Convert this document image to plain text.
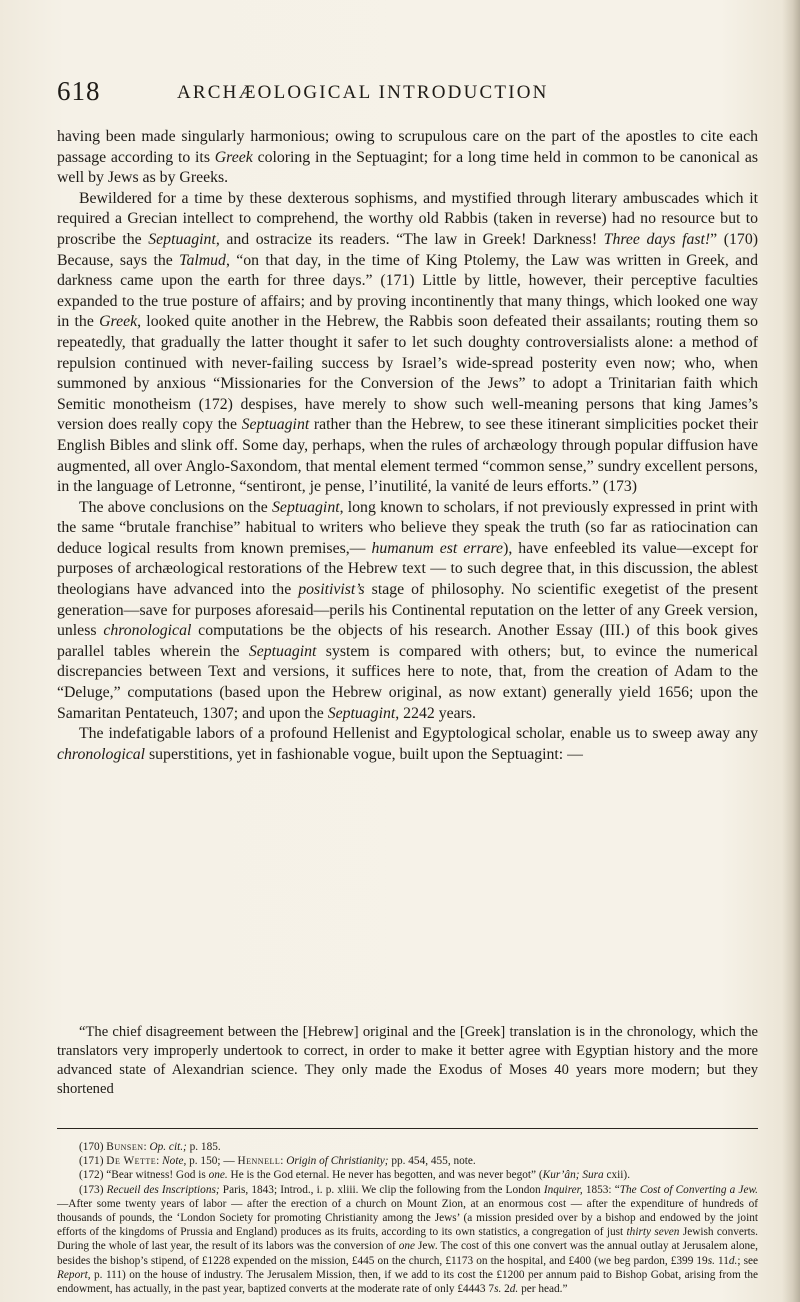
618	ARCHÆOLOGICAL INTRODUCTION

having been made singularly harmonious; owing to scrupulous care on the part of the apostles to cite each passage according to its Greek coloring in the Septuagint; for a long time held in common to be canonical as well by Jews as by Greeks.

Bewildered for a time by these dexterous sophisms, and mystified through literary ambuscades which it required a Grecian intellect to comprehend, the worthy old Rabbis (taken in reverse) had no resource but to proscribe the Septuagint, and ostracize its readers. “The law in Greek! Darkness! Three days fast!” (170) Because, says the Talmud, “on that day, in the time of King Ptolemy, the Law was written in Greek, and darkness came upon the earth for three days.” (171) Little by little, however, their perceptive faculties expanded to the true posture of affairs; and by proving incontinently that many things, which looked one way in the Greek, looked quite another in the Hebrew, the Rabbis soon defeated their assailants; routing them so repeatedly, that gradually the latter thought it safer to let such doughty controversialists alone: a method of repulsion continued with never-failing success by Israel’s wide-spread posterity even now; who, when summoned by anxious “Missionaries for the Conversion of the Jews” to adopt a Trinitarian faith which Semitic monotheism (172) despises, have merely to show such well-meaning persons that king James’s version does really copy the Septuagint rather than the Hebrew, to see these itinerant simplicities pocket their English Bibles and slink off. Some day, perhaps, when the rules of archæology through popular diffusion have augmented, all over Anglo-Saxondom, that mental element termed “common sense,” sundry excellent persons, in the language of Letronne, “sentiront, je pense, l’inutilité, la vanité de leurs efforts.” (173)

The above conclusions on the Septuagint, long known to scholars, if not previously expressed in print with the same “brutale franchise” habitual to writers who believe they speak the truth (so far as ratiocination can deduce logical results from known premises,— humanum est errare), have enfeebled its value—except for purposes of archæological restorations of the Hebrew text — to such degree that, in this discussion, the ablest theologians have advanced into the positivist’s stage of philosophy. No scientific exegetist of the present generation—save for purposes aforesaid—perils his Continental reputation on the letter of any Greek version, unless chronological computations be the objects of his research. Another Essay (III.) of this book gives parallel tables wherein the Septuagint system is compared with others; but, to evince the numerical discrepancies between Text and versions, it suffices here to note, that, from the creation of Adam to the “Deluge,” computations (based upon the Hebrew original, as now extant) generally yield 1656; upon the Samaritan Pentateuch, 1307; and upon the Septuagint, 2242 years.

The indefatigable labors of a profound Hellenist and Egyptological scholar, enable us to sweep away any chronological superstitions, yet in fashionable vogue, built upon the Septuagint: —

“The chief disagreement between the [Hebrew] original and the [Greek] translation is in the chronology, which the translators very improperly undertook to correct, in order to make it better agree with Egyptian history and the more advanced state of Alexandrian science. They only made the Exodus of Moses 40 years more modern; but they shortened

(170) Bunsen: Op. cit.; p. 185.

(171) De Wette: Note, p. 150; — Hennell: Origin of Christianity; pp. 454, 455, note.

(172) “Bear witness! God is one. He is the God eternal. He never has begotten, and was never begot” (Kur’ân; Sura cxii).

(173) Recueil des Inscriptions; Paris, 1843; Introd., i. p. xliii. We clip the following from the London Inquirer, 1853: “The Cost of Converting a Jew.—After some twenty years of labor — after the erection of a church on Mount Zion, at an enormous cost — after the expenditure of hundreds of thousands of pounds, the ‘London Society for promoting Christianity among the Jews’ (a mission presided over by a bishop and endowed by the joint efforts of the kingdoms of Prussia and England) produces as its fruits, according to its own statistics, a congregation of just thirty seven Jewish converts. During the whole of last year, the result of its labors was the conversion of one Jew. The cost of this one convert was the annual outlay at Jerusalem alone, besides the bishop’s stipend, of £1228 expended on the mission, £445 on the church, £1173 on the hospital, and £400 (we beg pardon, £399 19s. 11d.; see Report, p. 111) on the house of industry. The Jerusalem Mission, then, if we add to its cost the £1200 per annum paid to Bishop Gobat, arising from the endowment, has actually, in the past year, baptized converts at the moderate rate of only £4443 7s. 2d. per head.”
